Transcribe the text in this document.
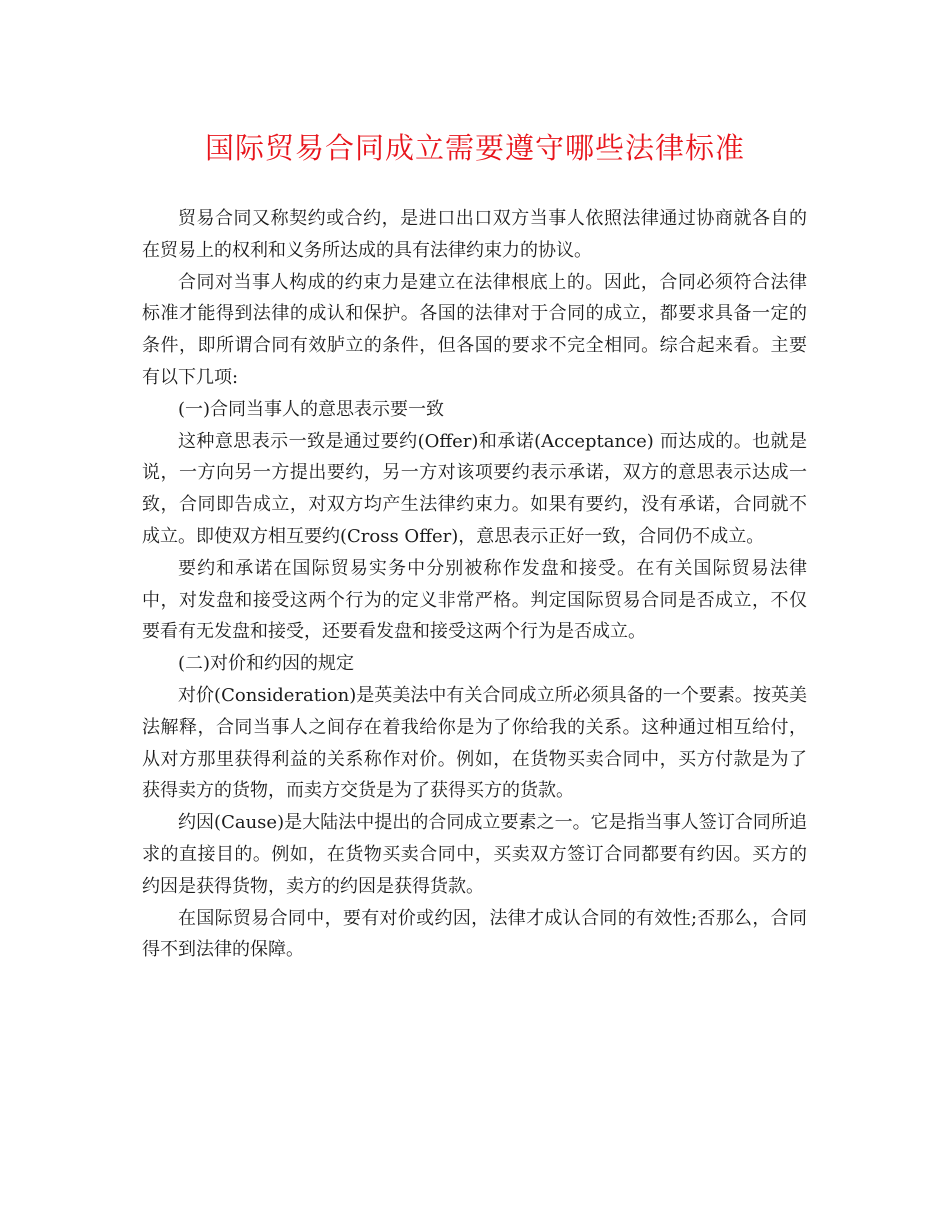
国际贸易合同成立需要遵守哪些法律标准

贸易合同又称契约或合约，是进口出口双方当事人依照法律通过协商就各自的在贸易上的权利和义务所达成的具有法律约束力的协议。

合同对当事人构成的约束力是建立在法律根底上的。因此，合同必须符合法律标准才能得到法律的成认和保护。各国的法律对于合同的成立，都要求具备一定的条件，即所谓合同有效胪立的条件，但各国的要求不完全相同。综合起来看。主要有以下几项:

(一)合同当事人的意思表示要一致

这种意思表示一致是通过要约(Offer)和承诺(Acceptance) 而达成的。也就是说，一方向另一方提出要约，另一方对该项要约表示承诺，双方的意思表示达成一致，合同即告成立，对双方均产生法律约束力。如果有要约，没有承诺，合同就不成立。即使双方相互要约(Cross Offer)，意思表示正好一致，合同仍不成立。

要约和承诺在国际贸易实务中分别被称作发盘和接受。在有关国际贸易法律中，对发盘和接受这两个行为的定义非常严格。判定国际贸易合同是否成立，不仅要看有无发盘和接受，还要看发盘和接受这两个行为是否成立。

(二)对价和约因的规定

对价(Consideration)是英美法中有关合同成立所必须具备的一个要素。按英美法解释，合同当事人之间存在着我给你是为了你给我的关系。这种通过相互给付，从对方那里获得利益的关系称作对价。例如，在货物买卖合同中，买方付款是为了获得卖方的货物，而卖方交货是为了获得买方的货款。

约因(Cause)是大陆法中提出的合同成立要素之一。它是指当事人签订合同所追求的直接目的。例如，在货物买卖合同中，买卖双方签订合同都要有约因。买方的约因是获得货物，卖方的约因是获得货款。

在国际贸易合同中，要有对价或约因，法律才成认合同的有效性;否那么，合同得不到法律的保障。
